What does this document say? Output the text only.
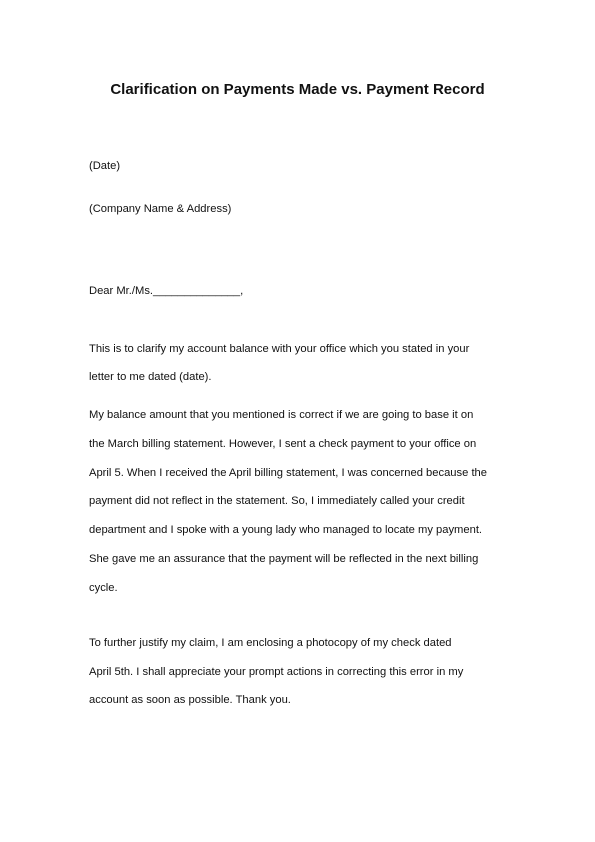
Clarification on Payments Made vs. Payment Record

(Date)

(Company Name & Address)

Dear Mr./Ms.______________,

This is to clarify my account balance with your office which you stated in your

letter to me dated (date).

My balance amount that you mentioned is correct if we are going to base it on

the March billing statement. However, I sent a check payment to your office on

April 5. When I received the April billing statement, I was concerned because the

payment did not reflect in the statement. So, I immediately called your credit

department and I spoke with a young lady who managed to locate my payment.

She gave me an assurance that the payment will be reflected in the next billing

cycle.

To further justify my claim, I am enclosing a photocopy of my check dated

April 5th. I shall appreciate your prompt actions in correcting this error in my

account as soon as possible. Thank you.
